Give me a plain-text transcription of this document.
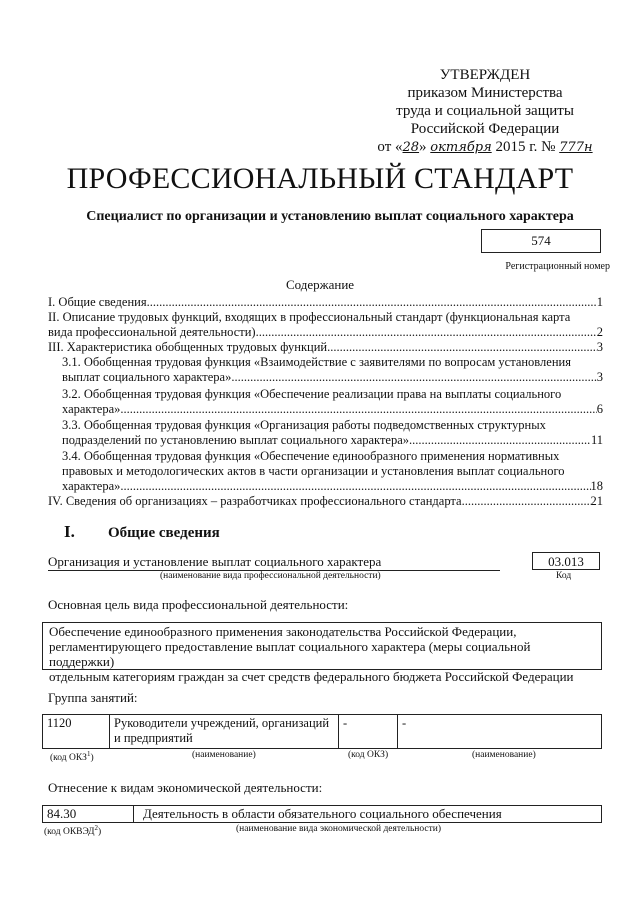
УТВЕРЖДЕН
приказом Министерства
труда и социальной защиты
Российской Федерации
от «28» октября 2015 г. № 777н
ПРОФЕССИОНАЛЬНЫЙ СТАНДАРТ
Специалист по организации и установлению выплат социального характера
574
Регистрационный номер
Содержание
I. Общие сведения .....	1
II. Описание трудовых функций, входящих в профессиональный стандарт (функциональная карта
вида профессиональной деятельности) .....	2
III. Характеристика обобщенных трудовых функций .....	3
3.1. Обобщенная трудовая функция «Взаимодействие с заявителями по вопросам установления
выплат социального характера» .....	3
3.2. Обобщенная трудовая функция «Обеспечение реализации права на выплаты социального
характера» .....	6
3.3. Обобщенная трудовая функция «Организация работы подведомственных структурных
подразделений по установлению выплат социального характера» .....	11
3.4. Обобщенная трудовая функция «Обеспечение единообразного применения нормативных
правовых и методологических актов в части организации и установления выплат социального
характера» .....	18
IV. Сведения об организациях – разработчиках профессионального стандарта .....	21
I. Общие сведения
Организация и установление выплат социального характера
(наименование вида профессиональной деятельности)
03.013
Код
Основная цель вида профессиональной деятельности:
Обеспечение единообразного применения законодательства Российской Федерации,
регламентирующего предоставление выплат социального характера (меры социальной поддержки)
отдельным категориям граждан за счет средств федерального бюджета Российской Федерации
Группа занятий:
1120	Руководители учреждений, организаций и предприятий	-	-
(код ОКЗ$^1$)	(наименование)	(код ОКЗ)	(наименование)
Отнесение к видам экономической деятельности:
84.30	Деятельность в области обязательного социального обеспечения
(код ОКВЭД$^2$)	(наименование вида экономической деятельности)
